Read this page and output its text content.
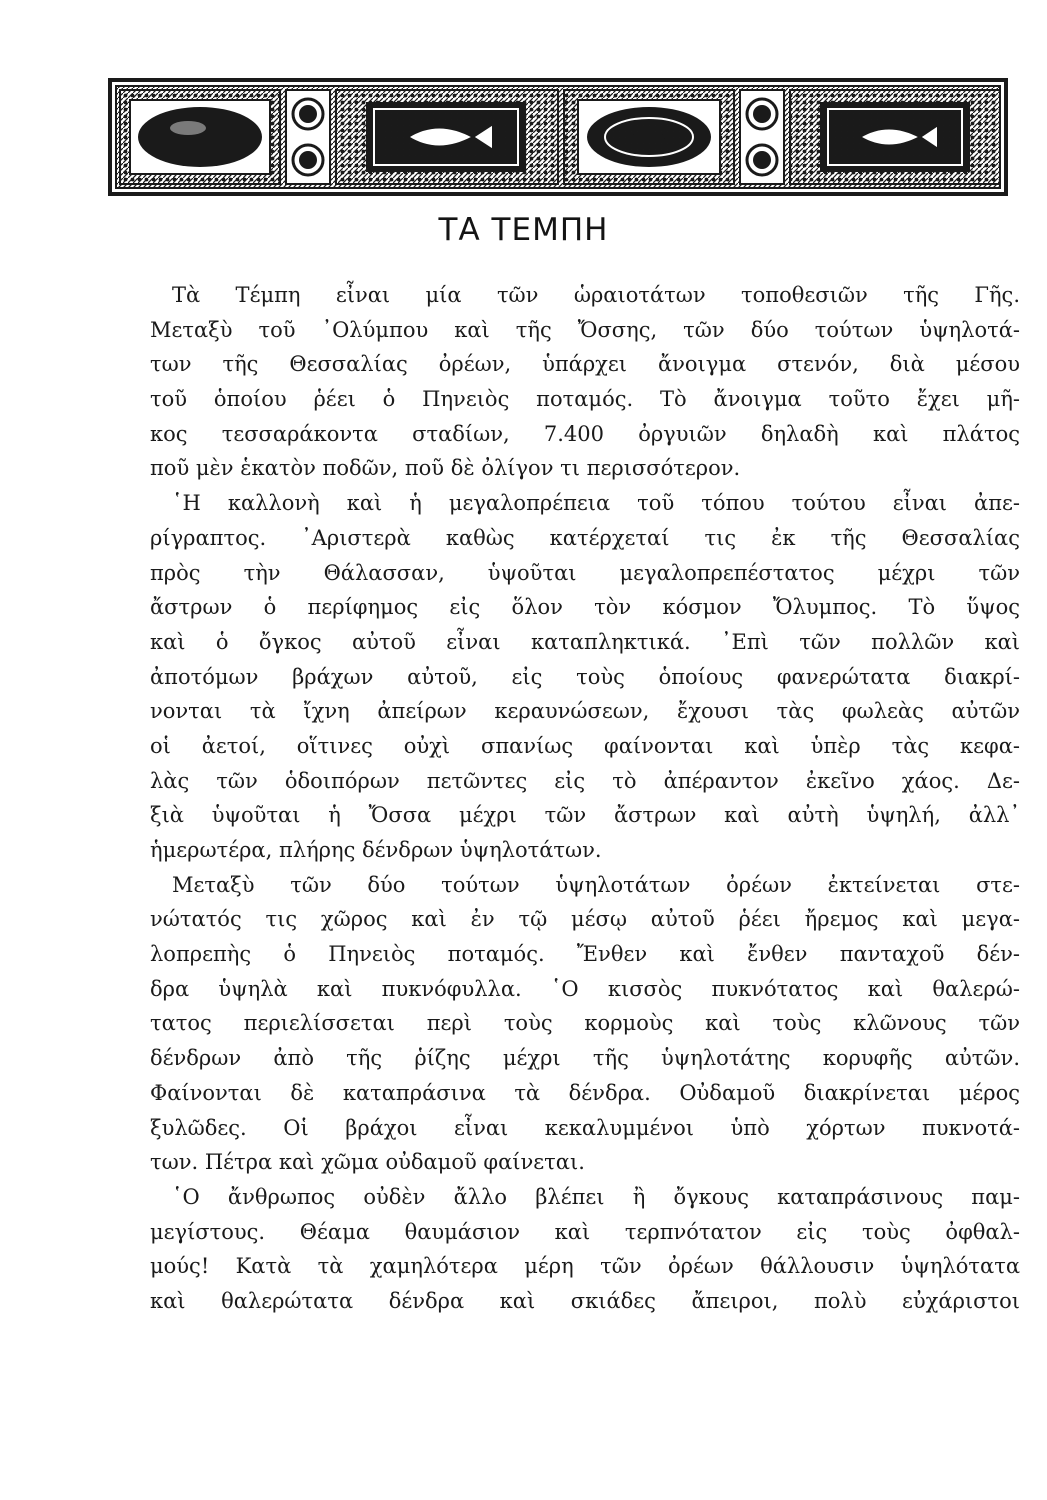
ΤΑ ΤΕΜΠΗ
Τὰ Τέμπη εἶναι μία τῶν ὡραιοτάτων τοποθεσιῶν τῆς Γῆς.
Μεταξὺ τοῦ ᾿Ολύμπου καὶ τῆς Ὄσσης, τῶν δύο τούτων ὑψηλοτά-
των τῆς Θεσσαλίας ὀρέων, ὑπάρχει ἄνοιγμα στενόν, διὰ μέσου
τοῦ ὁποίου ῥέει ὁ Πηνειὸς ποταμός. Τὸ ἄνοιγμα τοῦτο ἔχει μῆ-
κος τεσσαράκοντα σταδίων, 7.400 ὀργυιῶν δηλαδὴ καὶ πλάτος
ποῦ μὲν ἑκατὸν ποδῶν, ποῦ δὲ ὀλίγον τι περισσότερον.
῾Η καλλονὴ καὶ ἡ μεγαλοπρέπεια τοῦ τόπου τούτου εἶναι ἀπε-
ρίγραπτος. ᾿Αριστερὰ καθὼς κατέρχεταί τις ἐκ τῆς Θεσσαλίας
πρὸς τὴν Θάλασσαν, ὑψοῦται μεγαλοπρεπέστατος μέχρι τῶν
ἄστρων ὁ περίφημος εἰς ὅλον τὸν κόσμον Ὄλυμπος. Τὸ ὕψος
καὶ ὁ ὄγκος αὐτοῦ εἶναι καταπληκτικά. ᾿Επὶ τῶν πολλῶν καὶ
ἀποτόμων βράχων αὐτοῦ, εἰς τοὺς ὁποίους φανερώτατα διακρί-
νονται τὰ ἴχνη ἀπείρων κεραυνώσεων, ἔχουσι τὰς φωλεὰς αὐτῶν
οἱ ἀετοί, οἵτινες οὐχὶ σπανίως φαίνονται καὶ ὑπὲρ τὰς κεφα-
λὰς τῶν ὁδοιπόρων πετῶντες εἰς τὸ ἀπέραντον ἐκεῖνο χάος. Δε-
ξιὰ ὑψοῦται ἡ Ὄσσα μέχρι τῶν ἄστρων καὶ αὐτὴ ὑψηλή, ἀλλ᾿
ἡμερωτέρα, πλήρης δένδρων ὑψηλοτάτων.
Μεταξὺ τῶν δύο τούτων ὑψηλοτάτων ὀρέων ἐκτείνεται στε-
νώτατός τις χῶρος καὶ ἐν τῷ μέσῳ αὐτοῦ ῥέει ἤρεμος καὶ μεγα-
λοπρεπὴς ὁ Πηνειὸς ποταμός. Ἔνθεν καὶ ἔνθεν πανταχοῦ δέν-
δρα ὑψηλὰ καὶ πυκνόφυλλα. ῾Ο κισσὸς πυκνότατος καὶ θαλερώ-
τατος περιελίσσεται περὶ τοὺς κορμοὺς καὶ τοὺς κλῶνους τῶν
δένδρων ἀπὸ τῆς ῥίζης μέχρι τῆς ὑψηλοτάτης κορυφῆς αὐτῶν.
Φαίνονται δὲ καταπράσινα τὰ δένδρα. Οὐδαμοῦ διακρίνεται μέρος
ξυλῶδες. Οἱ βράχοι εἶναι κεκαλυμμένοι ὑπὸ χόρτων πυκνοτά-
των. Πέτρα καὶ χῶμα οὐδαμοῦ φαίνεται.
῾Ο ἄνθρωπος οὐδὲν ἄλλο βλέπει ἢ ὄγκους καταπράσινους παμ-
μεγίστους. Θέαμα θαυμάσιον καὶ τερπνότατον εἰς τοὺς ὀφθαλ-
μούς! Κατὰ τὰ χαμηλότερα μέρη τῶν ὀρέων θάλλουσιν ὑψηλότατα
καὶ θαλερώτατα δένδρα καὶ σκιάδες ἄπειροι, πολὺ εὐχάριστοι
